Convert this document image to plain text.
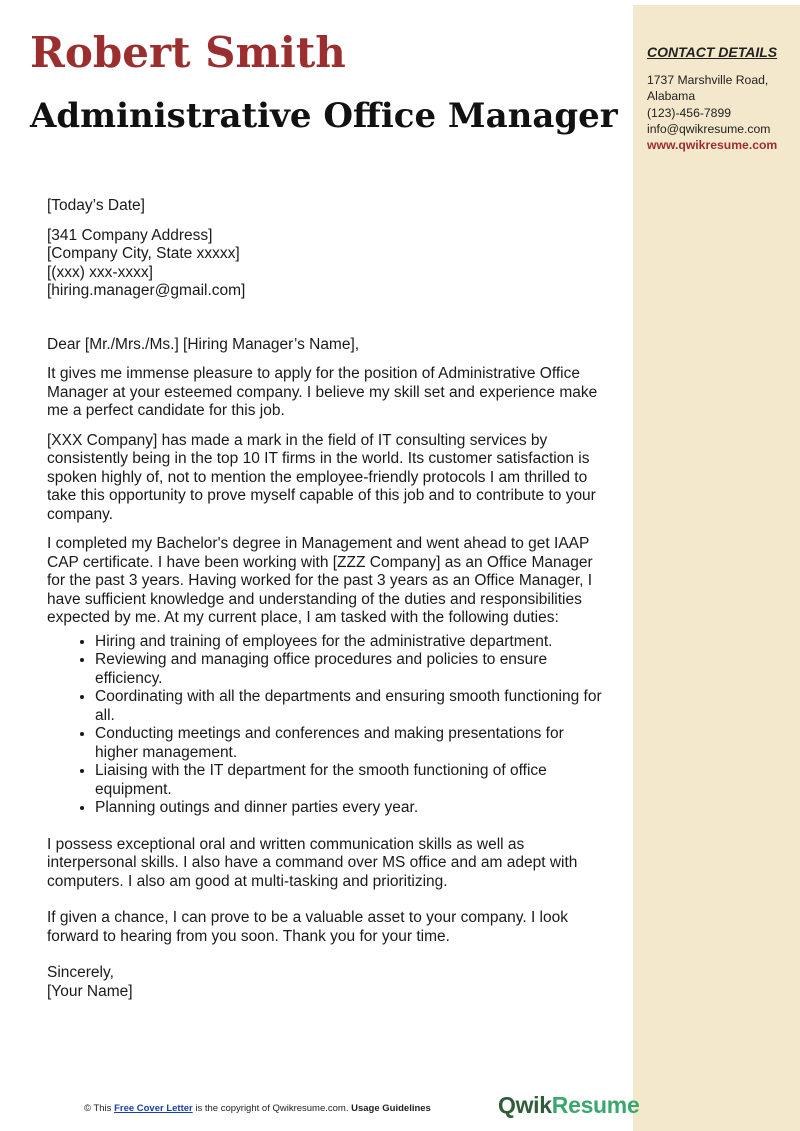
Robert Smith
Administrative Office Manager
CONTACT DETAILS
1737 Marshville Road,
Alabama
(123)-456-7899
info@qwikresume.com
www.qwikresume.com

[Today’s Date]

[341 Company Address]

[Company City, State xxxxx]

[(xxx) xxx-xxxx]

[hiring.manager@gmail.com]

Dear [Mr./Mrs./Ms.] [Hiring Manager’s Name],

It gives me immense pleasure to apply for the position of Administrative Office Manager at your esteemed company. I believe my skill set and experience make me a perfect candidate for this job.

[XXX Company] has made a mark in the field of IT consulting services by consistently being in the top 10 IT firms in the world. Its customer satisfaction is spoken highly of, not to mention the employee-friendly protocols I am thrilled to take this opportunity to prove myself capable of this job and to contribute to your company.

I completed my Bachelor's degree in Management and went ahead to get IAAP CAP certificate. I have been working with [ZZZ Company] as an Office Manager for the past 3 years. Having worked for the past 3 years as an Office Manager, I have sufficient knowledge and understanding of the duties and responsibilities expected by me. At my current place, I am tasked with the following duties:

• Hiring and training of employees for the administrative department.
• Reviewing and managing office procedures and policies to ensure efficiency.
• Coordinating with all the departments and ensuring smooth functioning for all.
• Conducting meetings and conferences and making presentations for higher management.
• Liaising with the IT department for the smooth functioning of office equipment.
• Planning outings and dinner parties every year.

I possess exceptional oral and written communication skills as well as interpersonal skills. I also have a command over MS office and am adept with computers. I also am good at multi-tasking and prioritizing.

If given a chance, I can prove to be a valuable asset to your company. I look forward to hearing from you soon. Thank you for your time.

Sincerely,

[Your Name]

© This Free Cover Letter is the copyright of Qwikresume.com. Usage Guidelines	QwikResume
